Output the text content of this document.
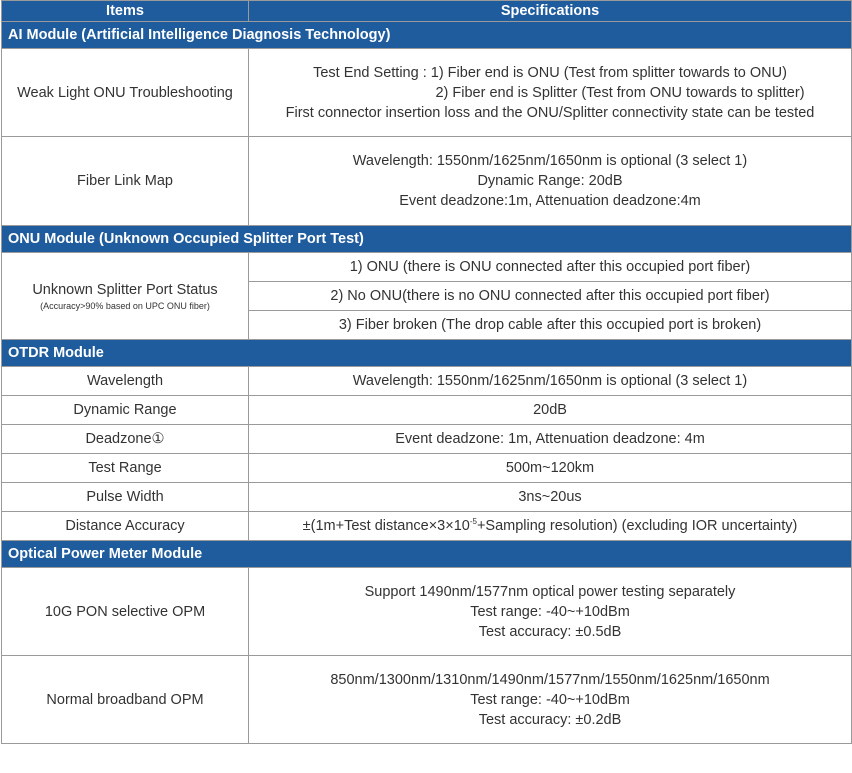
Items	Specifications
AI Module (Artificial Intelligence Diagnosis Technology)	
Weak Light ONU Troubleshooting	Test End Setting : 1) Fiber end is ONU (Test from splitter towards to ONU)
2) Fiber end is Splitter (Test from ONU towards to splitter)
First connector insertion loss and the ONU/Splitter connectivity state can be tested

Fiber Link Map	Wavelength: 1550nm/1625nm/1650nm is optional (3 select 1)
Dynamic Range: 20dB
Event deadzone:1m, Attenuation deadzone:4m

ONU Module (Unknown Occupied Splitter Port Test)	

Unknown Splitter Port Status
(Accuracy>90% based on UPC ONU fiber)	1) ONU (there is ONU connected after this occupied port fiber)
	2) No ONU(there is no ONU connected after this occupied port fiber)
	3) Fiber broken (The drop cable after this occupied port is broken)
OTDR Module	
Wavelength	Wavelength: 1550nm/1625nm/1650nm is optional (3 select 1)
Dynamic Range	20dB
Deadzone①	Event deadzone: 1m, Attenuation deadzone: 4m
Test Range	500m~120km
Pulse Width	3ns~20us
Distance Accuracy	±(1m+Test $distance\times 3\times 10^{-5}+Sampling$ resolution) (excluding IOR uncertainty)
Optical Power Meter Module	
10G PON selective OPM	Support 1490nm/1577nm optical power testing separately
Test range: -40~+10dBm
Test accuracy: ±0.5dB

Normal broadband OPM	850nm/1300nm/1310nm/1490nm/1577nm/1550nm/1625nm/1650nm
Test range: -40~+10dBm
Test accuracy: ±0.2dB
